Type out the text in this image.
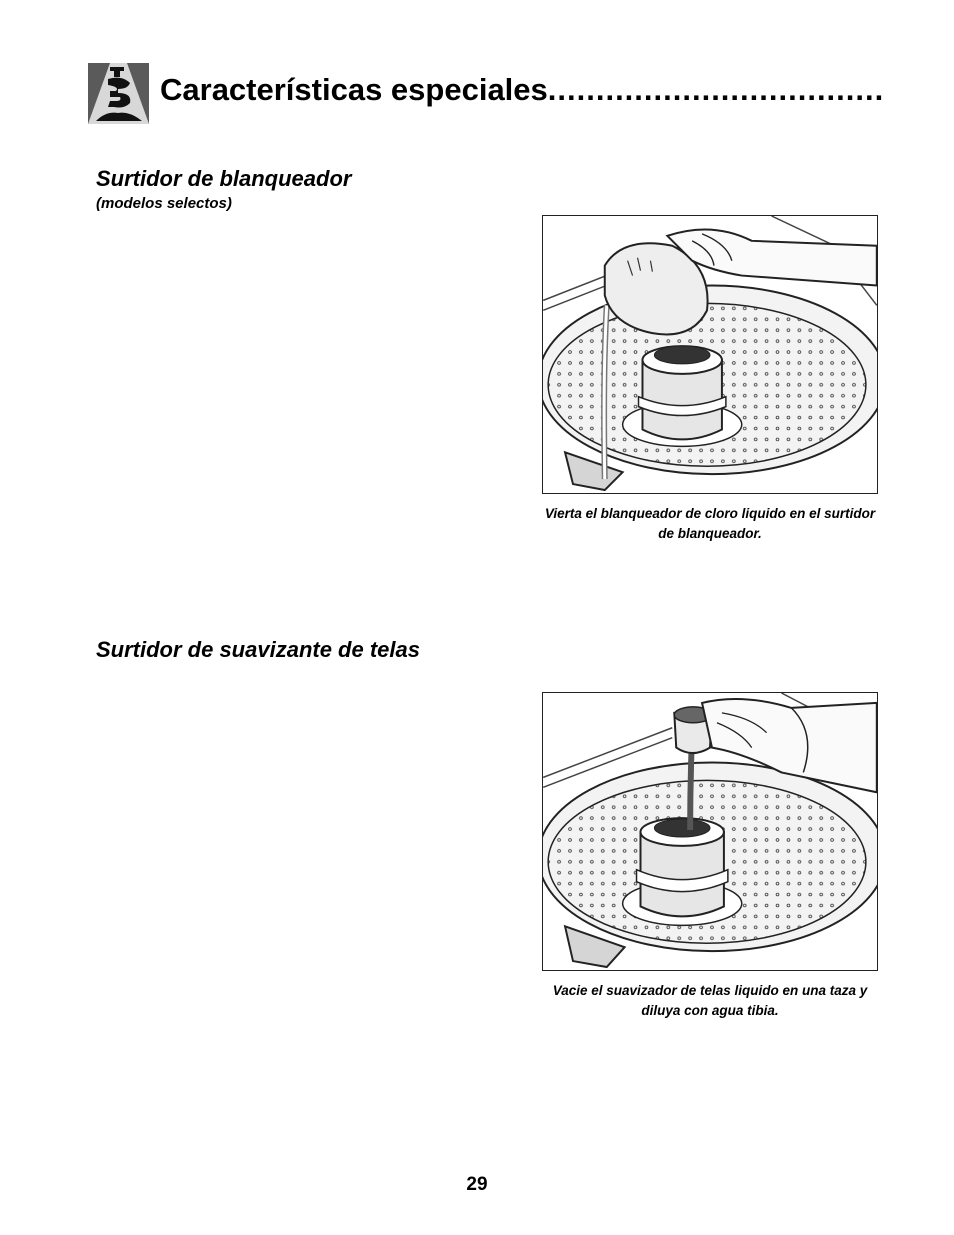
Características especiales...................................
Surtidor de blanqueador
(modelos selectos)
Vierta el blanqueador de cloro liquido en el surtidor de blanqueador.
Surtidor de suavizante de telas
Vacie el suavizador de telas liquido en una taza y diluya con agua tibia.
29
